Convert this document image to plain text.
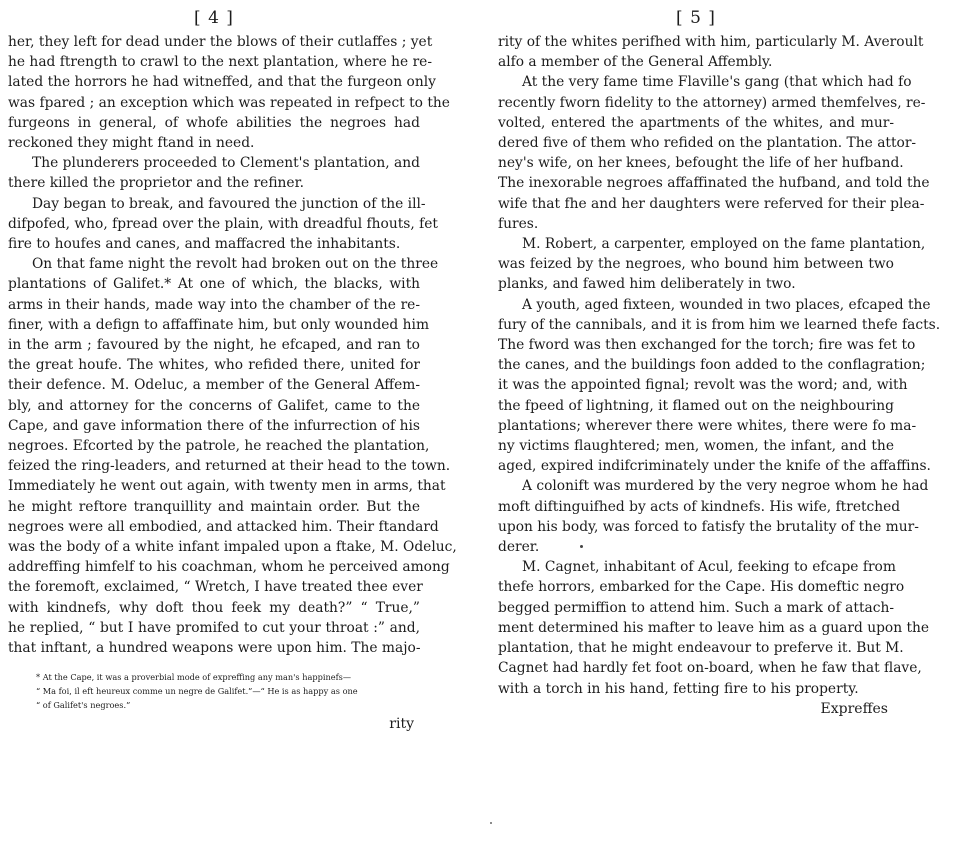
[ 4 ]
her, they left for dead under the blows of their cutlaffes ; yet
he had ftrength to crawl to the next plantation, where he re-
lated the horrors he had witneffed, and that the furgeon only
was fpared ; an exception which was repeated in refpect to the
furgeons in general, of whofe abilities the negroes had
reckoned they might ftand in need.
The plunderers proceeded to Clement's plantation, and
there killed the proprietor and the refiner.
Day began to break, and favoured the junction of the ill-
difpofed, who, fpread over the plain, with dreadful fhouts, fet
fire to houfes and canes, and maffacred the inhabitants.
On that fame night the revolt had broken out on the three
plantations of Galifet.* At one of which, the blacks, with
arms in their hands, made way into the chamber of the re-
finer, with a defign to affaffinate him, but only wounded him
in the arm ; favoured by the night, he efcaped, and ran to
the great houfe. The whites, who refided there, united for
their defence. M. Odeluc, a member of the General Affem-
bly, and attorney for the concerns of Galifet, came to the
Cape, and gave information there of the infurrection of his
negroes. Efcorted by the patrole, he reached the plantation,
feized the ring-leaders, and returned at their head to the town.
Immediately he went out again, with twenty men in arms, that
he might reftore tranquillity and maintain order. But the
negroes were all embodied, and attacked him. Their ftandard
was the body of a white infant impaled upon a ftake, M. Odeluc,
addreffing himfelf to his coachman, whom he perceived among
the foremoft, exclaimed, “ Wretch, I have treated thee ever
with kindnefs, why doft thou feek my death?” “ True,”
he replied, “ but I have promifed to cut your throat :” and,
that inftant, a hundred weapons were upon him. The majo-
* At the Cape, it was a proverbial mode of expreffing any man's happinefs—
“ Ma foi, il eft heureux comme un negre de Galifet.”—“ He is as happy as one
“ of Galifet's negroes.”
rity
[ 5 ]
rity of the whites perifhed with him, particularly M. Averoult
alfo a member of the General Affembly.
At the very fame time Flaville's gang (that which had fo
recently fworn fidelity to the attorney) armed themfelves, re-
volted, entered the apartments of the whites, and mur-
dered five of them who refided on the plantation. The attor-
ney's wife, on her knees, befought the life of her hufband.
The inexorable negroes affaffinated the hufband, and told the
wife that fhe and her daughters were referved for their plea-
fures.
M. Robert, a carpenter, employed on the fame plantation,
was feized by the negroes, who bound him between two
planks, and fawed him deliberately in two.
A youth, aged fixteen, wounded in two places, efcaped the
fury of the cannibals, and it is from him we learned thefe facts.
The fword was then exchanged for the torch; fire was fet to
the canes, and the buildings foon added to the conflagration;
it was the appointed fignal; revolt was the word; and, with
the fpeed of lightning, it flamed out on the neighbouring
plantations; wherever there were whites, there were fo ma-
ny victims flaughtered; men, women, the infant, and the
aged, expired indifcriminately under the knife of the affaffins.
A colonift was murdered by the very negroe whom he had
moft diftinguifhed by acts of kindnefs. His wife, ftretched
upon his body, was forced to fatisfy the brutality of the mur-
derer.
M. Cagnet, inhabitant of Acul, feeking to efcape from
thefe horrors, embarked for the Cape. His domeftic negro
begged permiffion to attend him. Such a mark of attach-
ment determined his mafter to leave him as a guard upon the
plantation, that he might endeavour to preferve it. But M.
Cagnet had hardly fet foot on-board, when he faw that flave,
with a torch in his hand, fetting fire to his property.
Expreffes
